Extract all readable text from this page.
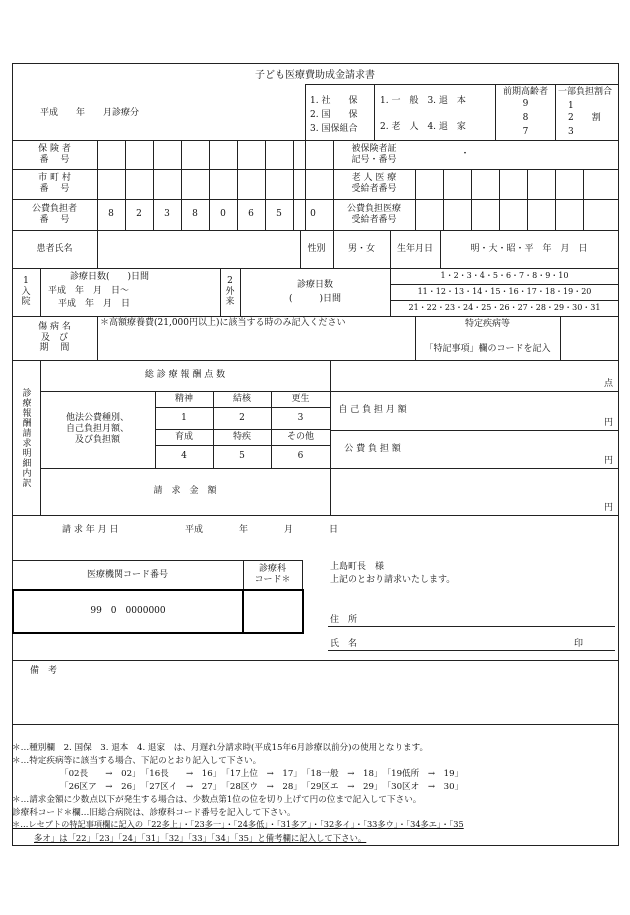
子ども医療費助成金請求書
平成　　年　　月診療分
1. 社　　保
2. 国　　保
3. 国保組合
1. 一　般　3. 退　本
2. 老　人　4. 退　家
前期高齢者
9
8
7
一部負担割合
1
2　　割
3
保 険 者
番　 号
被保険者証
記号・番号
・
市 町 村
番　 号
老 人 医 療
受給者番号
公費負担者
番　 号
8	2	3	8	0	6	5	0
公費負担医療
受給者番号
患者氏名	性別	男・女	生年月日	明・大・昭・平　年　月　日
1
入
院
診療日数(　　)日間
平成　年　月　日〜
平成　年　月　日
2
外
来
診療日数
(　　　)日間
1・2・3・4・5・6・7・8・9・10
11・12・13・14・15・16・17・18・19・20
21・22・23・24・25・26・27・28・29・30・31
傷 病 名
及　び
期　 間
＊高額療養費(21,000円以上)に該当する時のみ記入ください	特定疾病等
「特記事項」欄のコードを記入
診療報酬請求明細内訳
総 診 療 報 酬 点 数
点
他法公費種別、
自己負担月額、
及び負担額
精神	結核	更生
1	2	3
育成	特疾	その他
4	5	6
自 己 負 担 月 額
円
公 費 負 担 額
円
請　求　金　額
円
請 求 年 月 日	平成　　　　年　　　　月　　　　日
医療機関コード番号
診療科
コード＊
99　0　0000000
上島町長　様
上記のとおり請求いたします。
住　所
氏　名	印
備　考
＊…種別欄　2. 国保　3. 退本　4. 退家　は、月遅れ分請求時(平成15年6月診療以前分)の使用となります。
＊…特定疾病等に該当する場合、下記のとおり記入して下さい。
「02長　　→　02」　「16長　　→　16」　「17上位　→　17」　「18一般　→　18」　「19低所　→　19」
「26区ア　→　26」　「27区イ　→　27」　「28区ウ　→　28」　「29区エ　→　29」　「30区オ　→　30」
＊…請求金額に少数点以下が発生する場合は、少数点第1位の位を切り上げて円の位まで記入して下さい。
診療科コード＊欄…旧総合病院は、診療科コード番号を記入して下さい。
＊…レセプトの特記事項欄に記入の「22多上」・「23多一」・「24多低」・「31多ア」・「32多イ」・「33多ウ」・「34多エ」・「35
多オ」は「22」「23」「24」「31」「32」「33」「34」「35」と備考欄に記入して下さい。
